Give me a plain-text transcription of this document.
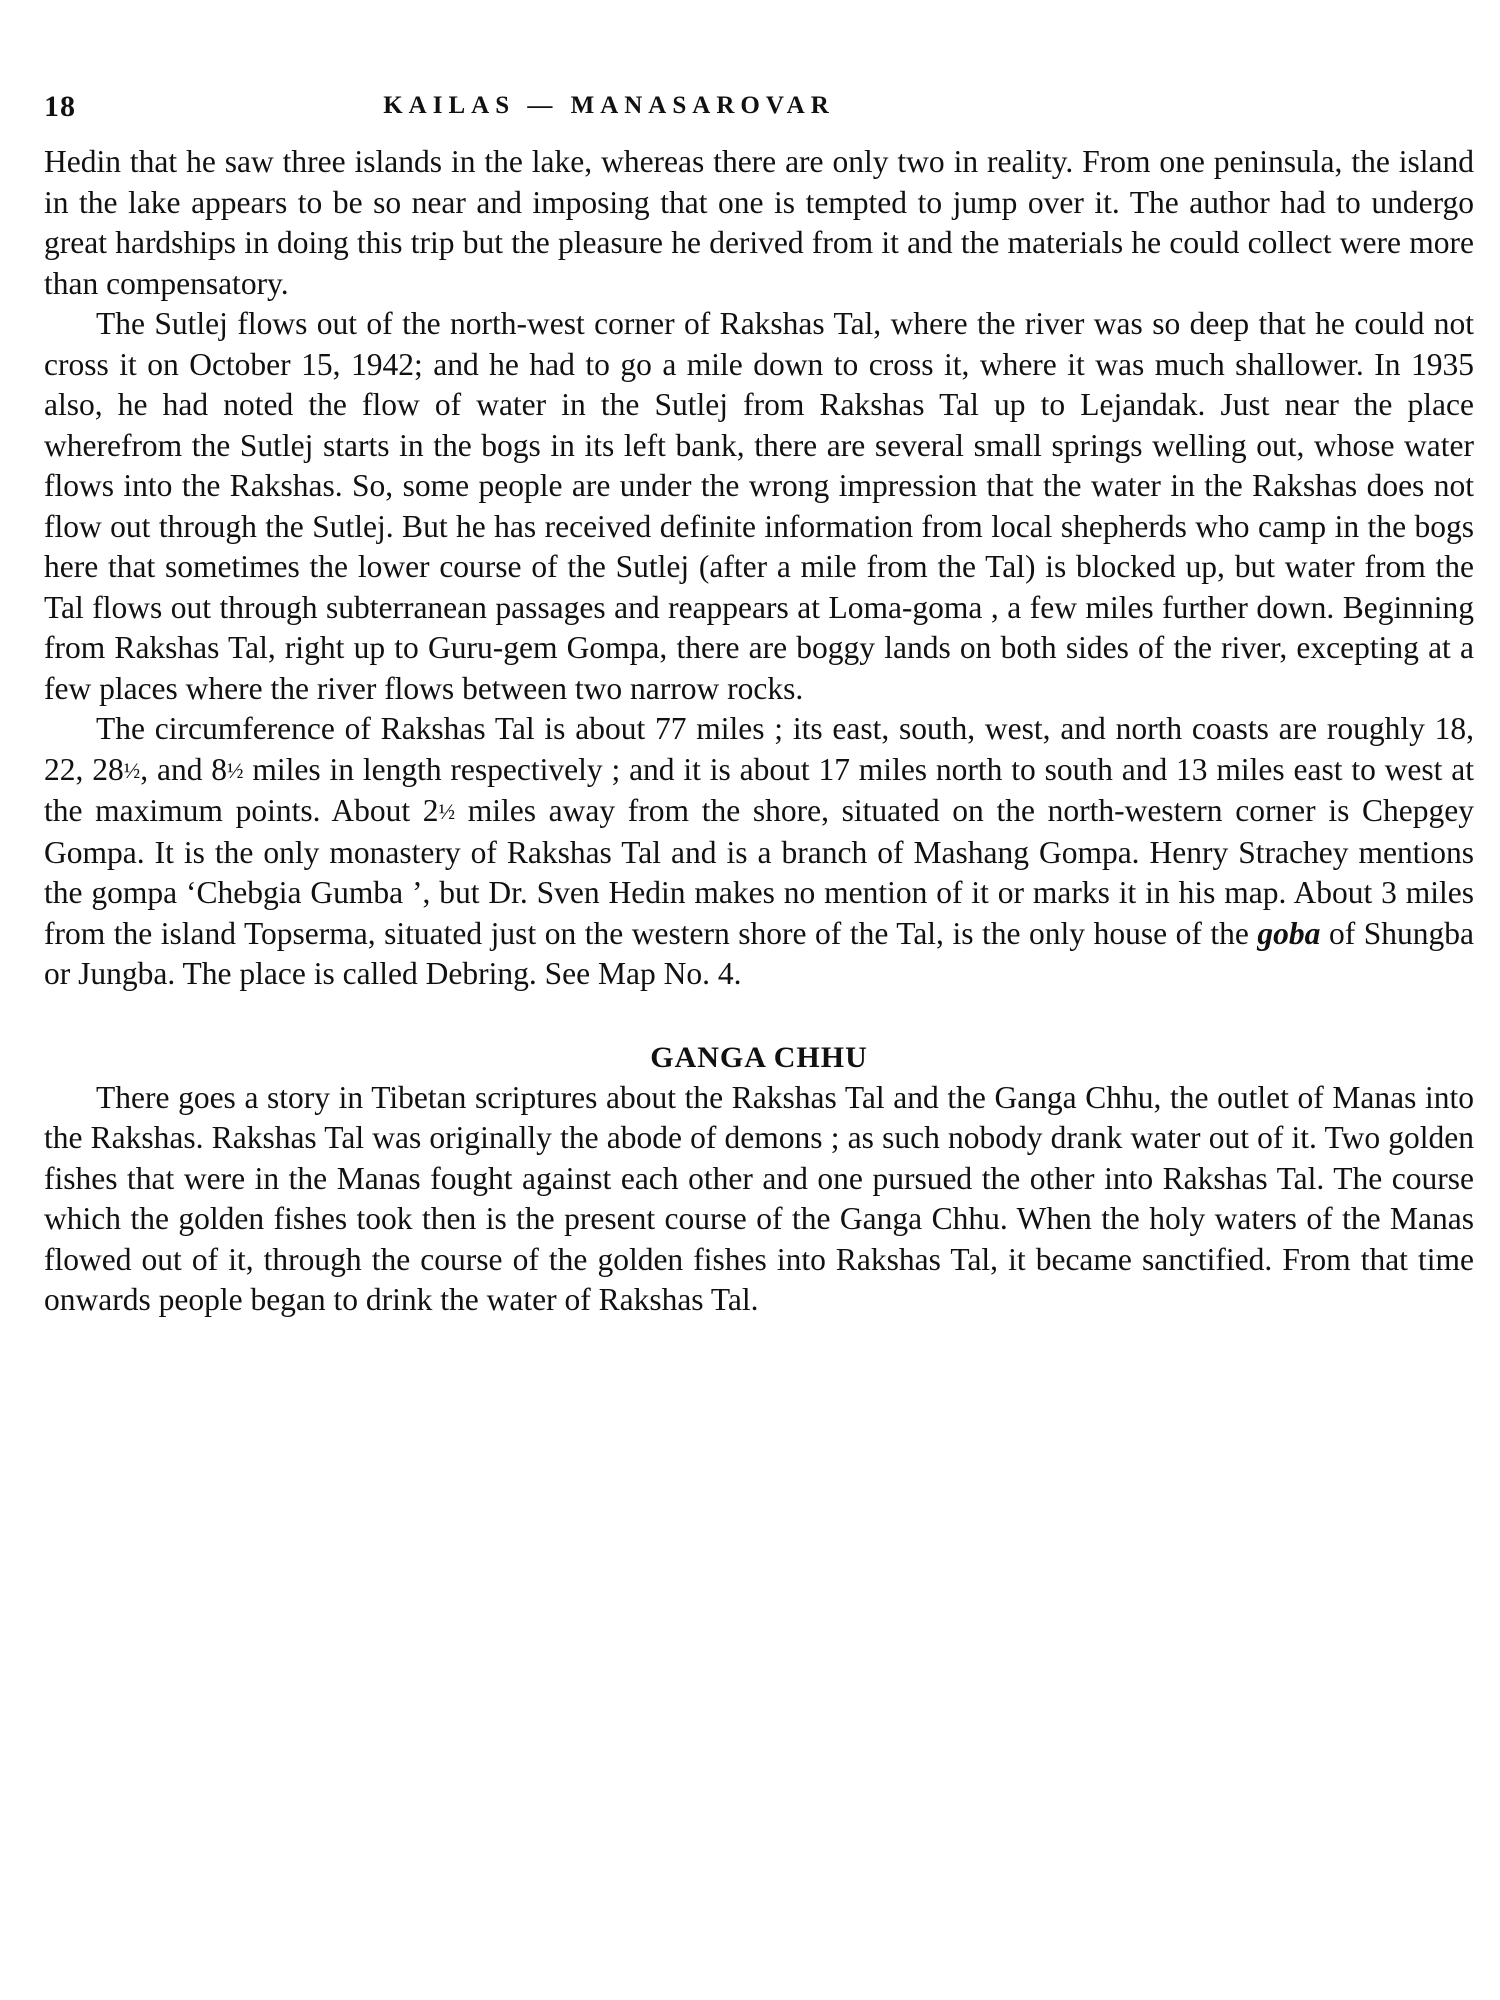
18	KAILAS — MANASAROVAR

Hedin that he saw three islands in the lake, whereas there are only two in reality. From one peninsula, the island in the lake appears to be so near and imposing that one is tempted to jump over it. The author had to undergo great hardships in doing this trip but the pleasure he derived from it and the materials he could collect were more than compensatory.

The Sutlej flows out of the north-west corner of Rakshas Tal, where the river was so deep that he could not cross it on October 15, 1942; and he had to go a mile down to cross it, where it was much shallower. In 1935 also, he had noted the flow of water in the Sutlej from Rakshas Tal up to Lejandak. Just near the place wherefrom the Sutlej starts in the bogs in its left bank, there are several small springs welling out, whose water flows into the Rakshas. So, some people are under the wrong impression that the water in the Rakshas does not flow out through the Sutlej. But he has received definite information from local shepherds who camp in the bogs here that sometimes the lower course of the Sutlej (after a mile from the Tal) is blocked up, but water from the Tal flows out through subterranean passages and reappears at Loma-goma , a few miles further down. Beginning from Rakshas Tal, right up to Guru-gem Gompa, there are boggy lands on both sides of the river, excepting at a few places where the river flows between two narrow rocks.

The circumference of Rakshas Tal is about 77 miles ; its east, south, west, and north coasts are roughly 18, 22, 28½, and 8½ miles in length respectively ; and it is about 17 miles north to south and 13 miles east to west at the maximum points. About 2½ miles away from the shore, situated on the north-western corner is Chepgey Gompa. It is the only monastery of Rakshas Tal and is a branch of Mashang Gompa. Henry Strachey mentions the gompa ‘Chebgia Gumba ’, but Dr. Sven Hedin makes no mention of it or marks it in his map. About 3 miles from the island Topserma, situated just on the western shore of the Tal, is the only house of the goba of Shungba or Jungba. The place is called Debring. See Map No. 4.

GANGA CHHU

There goes a story in Tibetan scriptures about the Rakshas Tal and the Ganga Chhu, the outlet of Manas into the Rakshas. Rakshas Tal was originally the abode of demons ; as such nobody drank water out of it. Two golden fishes that were in the Manas fought against each other and one pursued the other into Rakshas Tal. The course which the golden fishes took then is the present course of the Ganga Chhu. When the holy waters of the Manas flowed out of it, through the course of the golden fishes into Rakshas Tal, it became sanctified. From that time onwards people began to drink the water of Rakshas Tal.
